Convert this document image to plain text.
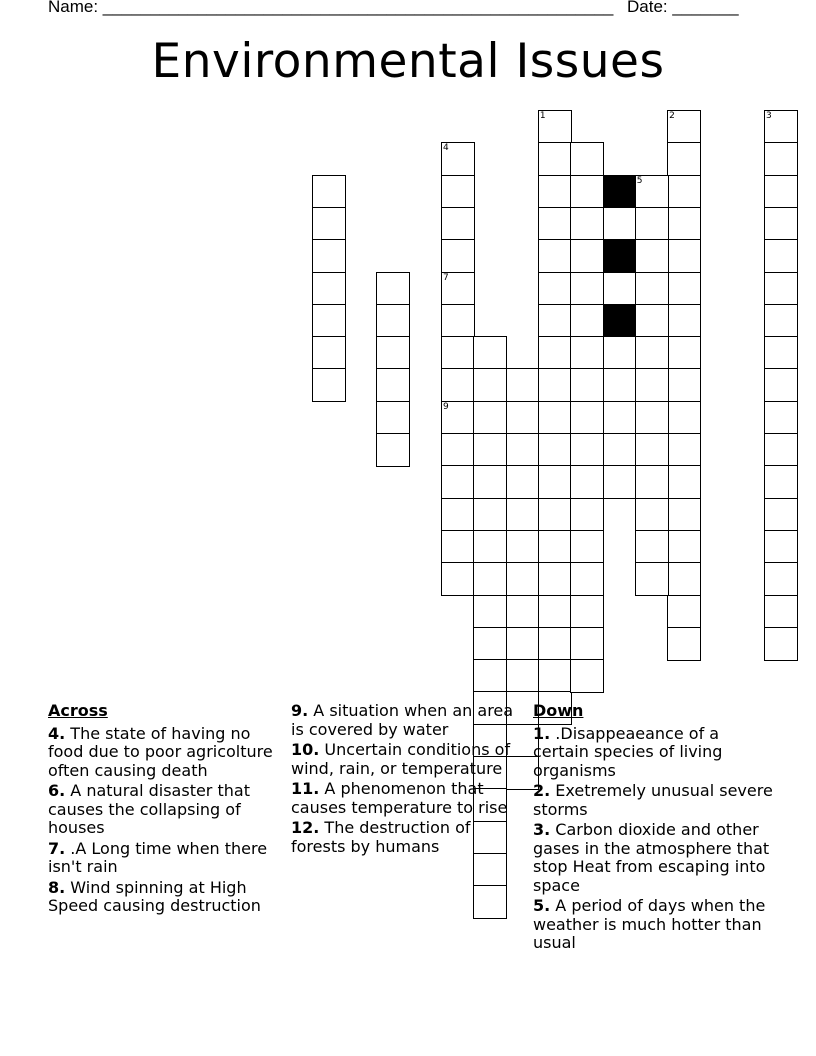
Name: ______________________________________________________ Date: _______
Environmental Issues
4
7
9
1	2
5
3
Across
4. The state of having no food due to poor agricolture often causing death
6. A natural disaster that causes the collapsing of houses
7. .A Long time when there isn't rain
8. Wind spinning at High Speed causing destruction
9. A situation when an area is covered by water
10. Uncertain conditions of wind, rain, or temperature
11. A phenomenon that causes temperature to rise
12. The destruction of forests by humans
Down
1. .Disappeaeance of a certain species of living organisms
2. Exetremely unusual severe storms
3. Carbon dioxide and other gases in the atmosphere that stop Heat from escaping into space
5. A period of days when the weather is much hotter than usual
